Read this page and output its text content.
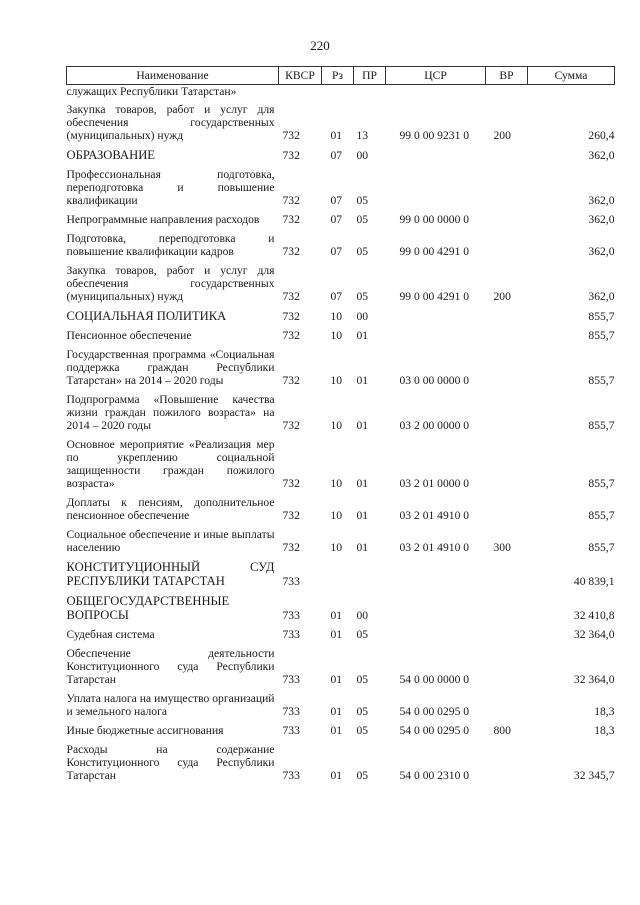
220
Наименование	КВСР	Рз	ПР	ЦСР	ВР	Сумма
служащих Республики Татарстан»						
Закупка товаров, работ и услуг для обеспечения государственных (муниципальных) нужд	732	01	13	99 0 00 9231 0	200	260,4
ОБРАЗОВАНИЕ	732	07	00			362,0
Профессиональная подготовка, переподготовка и повышение квалификации	732	07	05			362,0
Непрограммные направления расходов	732	07	05	99 0 00 0000 0		362,0
Подготовка, переподготовка и повышение квалификации кадров	732	07	05	99 0 00 4291 0		362,0
Закупка товаров, работ и услуг для обеспечения государственных (муниципальных) нужд	732	07	05	99 0 00 4291 0	200	362,0
СОЦИАЛЬНАЯ ПОЛИТИКА	732	10	00			855,7
Пенсионное обеспечение	732	10	01			855,7
Государственная программа «Социальная поддержка граждан Республики Татарстан» на 2014 – 2020 годы	732	10	01	03 0 00 0000 0		855,7
Подпрограмма «Повышение качества жизни граждан пожилого возраста» на 2014 – 2020 годы	732	10	01	03 2 00 0000 0		855,7
Основное мероприятие «Реализация мер по укреплению социальной защищенности граждан пожилого возраста»	732	10	01	03 2 01 0000 0		855,7
Доплаты к пенсиям, дополнительное пенсионное обеспечение	732	10	01	03 2 01 4910 0		855,7
Социальное обеспечение и иные выплаты населению	732	10	01	03 2 01 4910 0	300	855,7
КОНСТИТУЦИОННЫЙ СУД РЕСПУБЛИКИ ТАТАРСТАН	733					40 839,1
ОБЩЕГОСУДАРСТВЕННЫЕ ВОПРОСЫ	733	01	00			32 410,8
Судебная система	733	01	05			32 364,0
Обеспечение деятельности Конституционного суда Республики Татарстан	733	01	05	54 0 00 0000 0		32 364,0
Уплата налога на имущество организаций и земельного налога	733	01	05	54 0 00 0295 0		18,3
Иные бюджетные ассигнования	733	01	05	54 0 00 0295 0	800	18,3
Расходы на содержание Конституционного суда Республики Татарстан	733	01	05	54 0 00 2310 0		32 345,7
